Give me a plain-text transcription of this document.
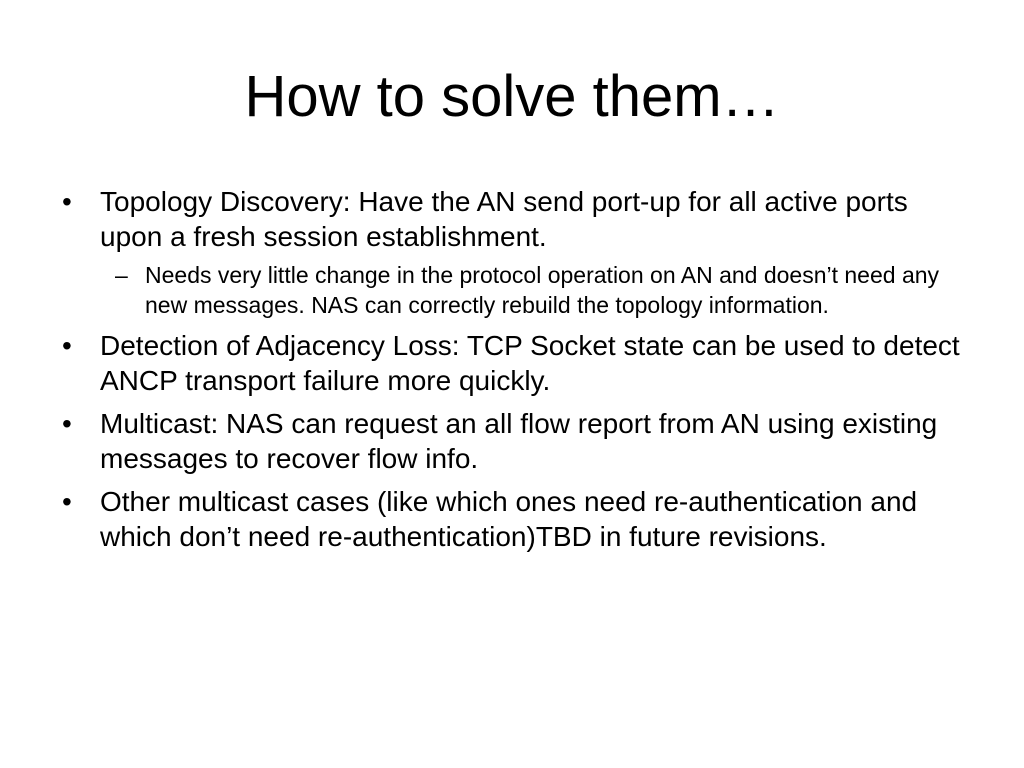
How to solve them…
•	Topology Discovery: Have the AN send port-up for all active ports upon a fresh session establishment.
– Needs very little change in the protocol operation on AN and doesn’t need any new messages. NAS can correctly rebuild the topology information.
•	Detection of Adjacency Loss: TCP Socket state can be used to detect ANCP transport failure more quickly.
•	Multicast: NAS can request an all flow report from AN using existing messages to recover flow info.
•	Other multicast cases (like which ones need re-authentication and which don’t need re-authentication)TBD in future revisions.
